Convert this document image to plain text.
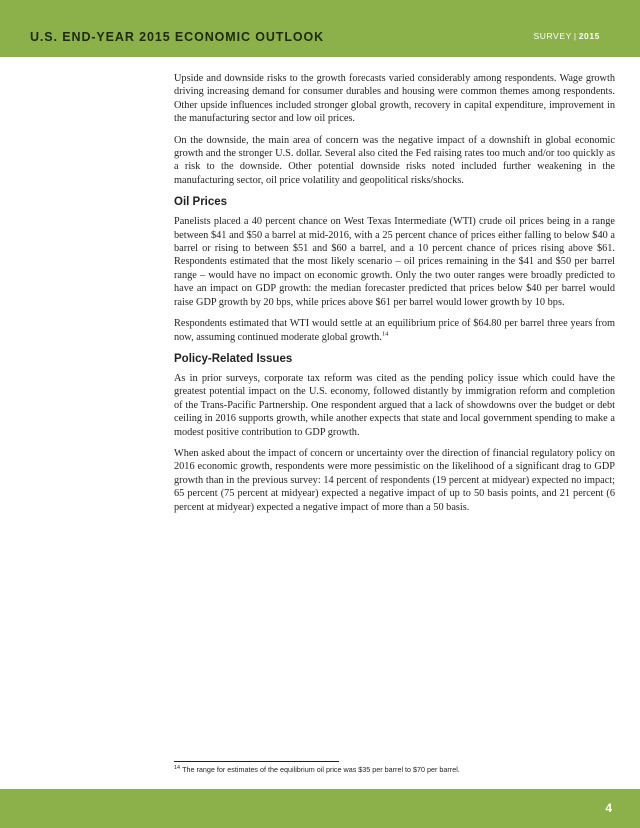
U.S. END-YEAR 2015 ECONOMIC OUTLOOK	SURVEY | 2015

Upside and downside risks to the growth forecasts varied considerably among respondents. Wage growth driving increasing demand for consumer durables and housing were common themes among respondents. Other upside influences included stronger global growth, recovery in capital expenditure, improvement in the manufacturing sector and low oil prices.

On the downside, the main area of concern was the negative impact of a downshift in global economic growth and the stronger U.S. dollar. Several also cited the Fed raising rates too much and/or too quickly as a risk to the downside. Other potential downside risks noted included further weakening in the manufacturing sector, oil price volatility and geopolitical risks/shocks.

Oil Prices

Panelists placed a 40 percent chance on West Texas Intermediate (WTI) crude oil prices being in a range between $41 and $50 a barrel at mid-2016, with a 25 percent chance of prices either falling to below $40 a barrel or rising to between $51 and $60 a barrel, and a 10 percent chance of prices rising above $61. Respondents estimated that the most likely scenario – oil prices remaining in the $41 and $50 per barrel range – would have no impact on economic growth. Only the two outer ranges were broadly predicted to have an impact on GDP growth: the median forecaster predicted that prices below $40 per barrel would raise GDP growth by 20 bps, while prices above $61 per barrel would lower growth by 10 bps.

Respondents estimated that WTI would settle at an equilibrium price of $64.80 per barrel three years from now, assuming continued moderate global growth.$^{14}$

Policy-Related Issues

As in prior surveys, corporate tax reform was cited as the pending policy issue which could have the greatest potential impact on the U.S. economy, followed distantly by immigration reform and completion of the Trans-Pacific Partnership. One respondent argued that a lack of showdowns over the budget or debt ceiling in 2016 supports growth, while another expects that state and local government spending to make a modest positive contribution to GDP growth.

When asked about the impact of concern or uncertainty over the direction of financial regulatory policy on 2016 economic growth, respondents were more pessimistic on the likelihood of a significant drag to GDP growth than in the previous survey: 14 percent of respondents (19 percent at midyear) expected no impact; 65 percent (75 percent at midyear) expected a negative impact of up to 50 basis points, and 21 percent (6 percent at midyear) expected a negative impact of more than a 50 basis.

$^{14}$ The range for estimates of the equilibrium oil price was $35 per barrel to $70 per barrel.
4
